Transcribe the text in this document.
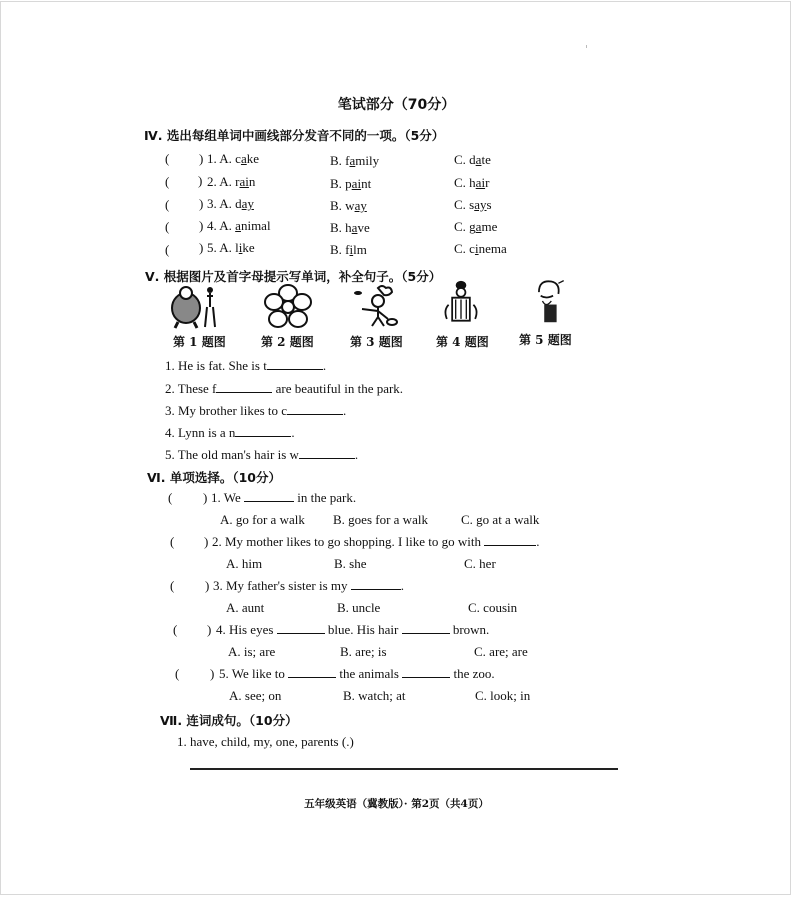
笔试部分（70分）
Ⅳ. 选出每组单词中画线部分发音不同的一项。（5分）
( ) 1. A. cake	B. family	C. date
( ) 2. A. rain	B. paint	C. hair
( ) 3. A. day	B. way	C. says
( ) 4. A. animal	B. have	C. game
( ) 5. A. like	B. film	C. cinema
Ⅴ. 根据图片及首字母提示写单词，补全句子。（5分）
第 1 题图	第 2 题图	第 3 题图	第 4 题图	第 5 题图
1. He is fat. She is t	.
2. These f	are beautiful in the park.
3. My brother likes to c	.
4. Lynn is a n	.
5. The old man's hair is w	.
Ⅵ. 单项选择。（10分）
( ) 1. We	in the park.
A. go for a walk B. goes for a walk	C. go at a walk
( ) 2. My mother likes to go shopping. I like to go with	.
A. him	B. she	C. her
( ) 3. My father's sister is my	.
A. aunt	B. uncle	C. cousin
( ) 4. His eyes	blue. His hair	brown.
A. is; are	B. are; is	C. are; are
( ) 5. We like to	the animals	the zoo.
A. see; on	B. watch; at	C. look; in
Ⅶ. 连词成句。（10分）
1. have, child, my, one, parents (.)
五年级英语（冀教版）· 第2页（共4页）
